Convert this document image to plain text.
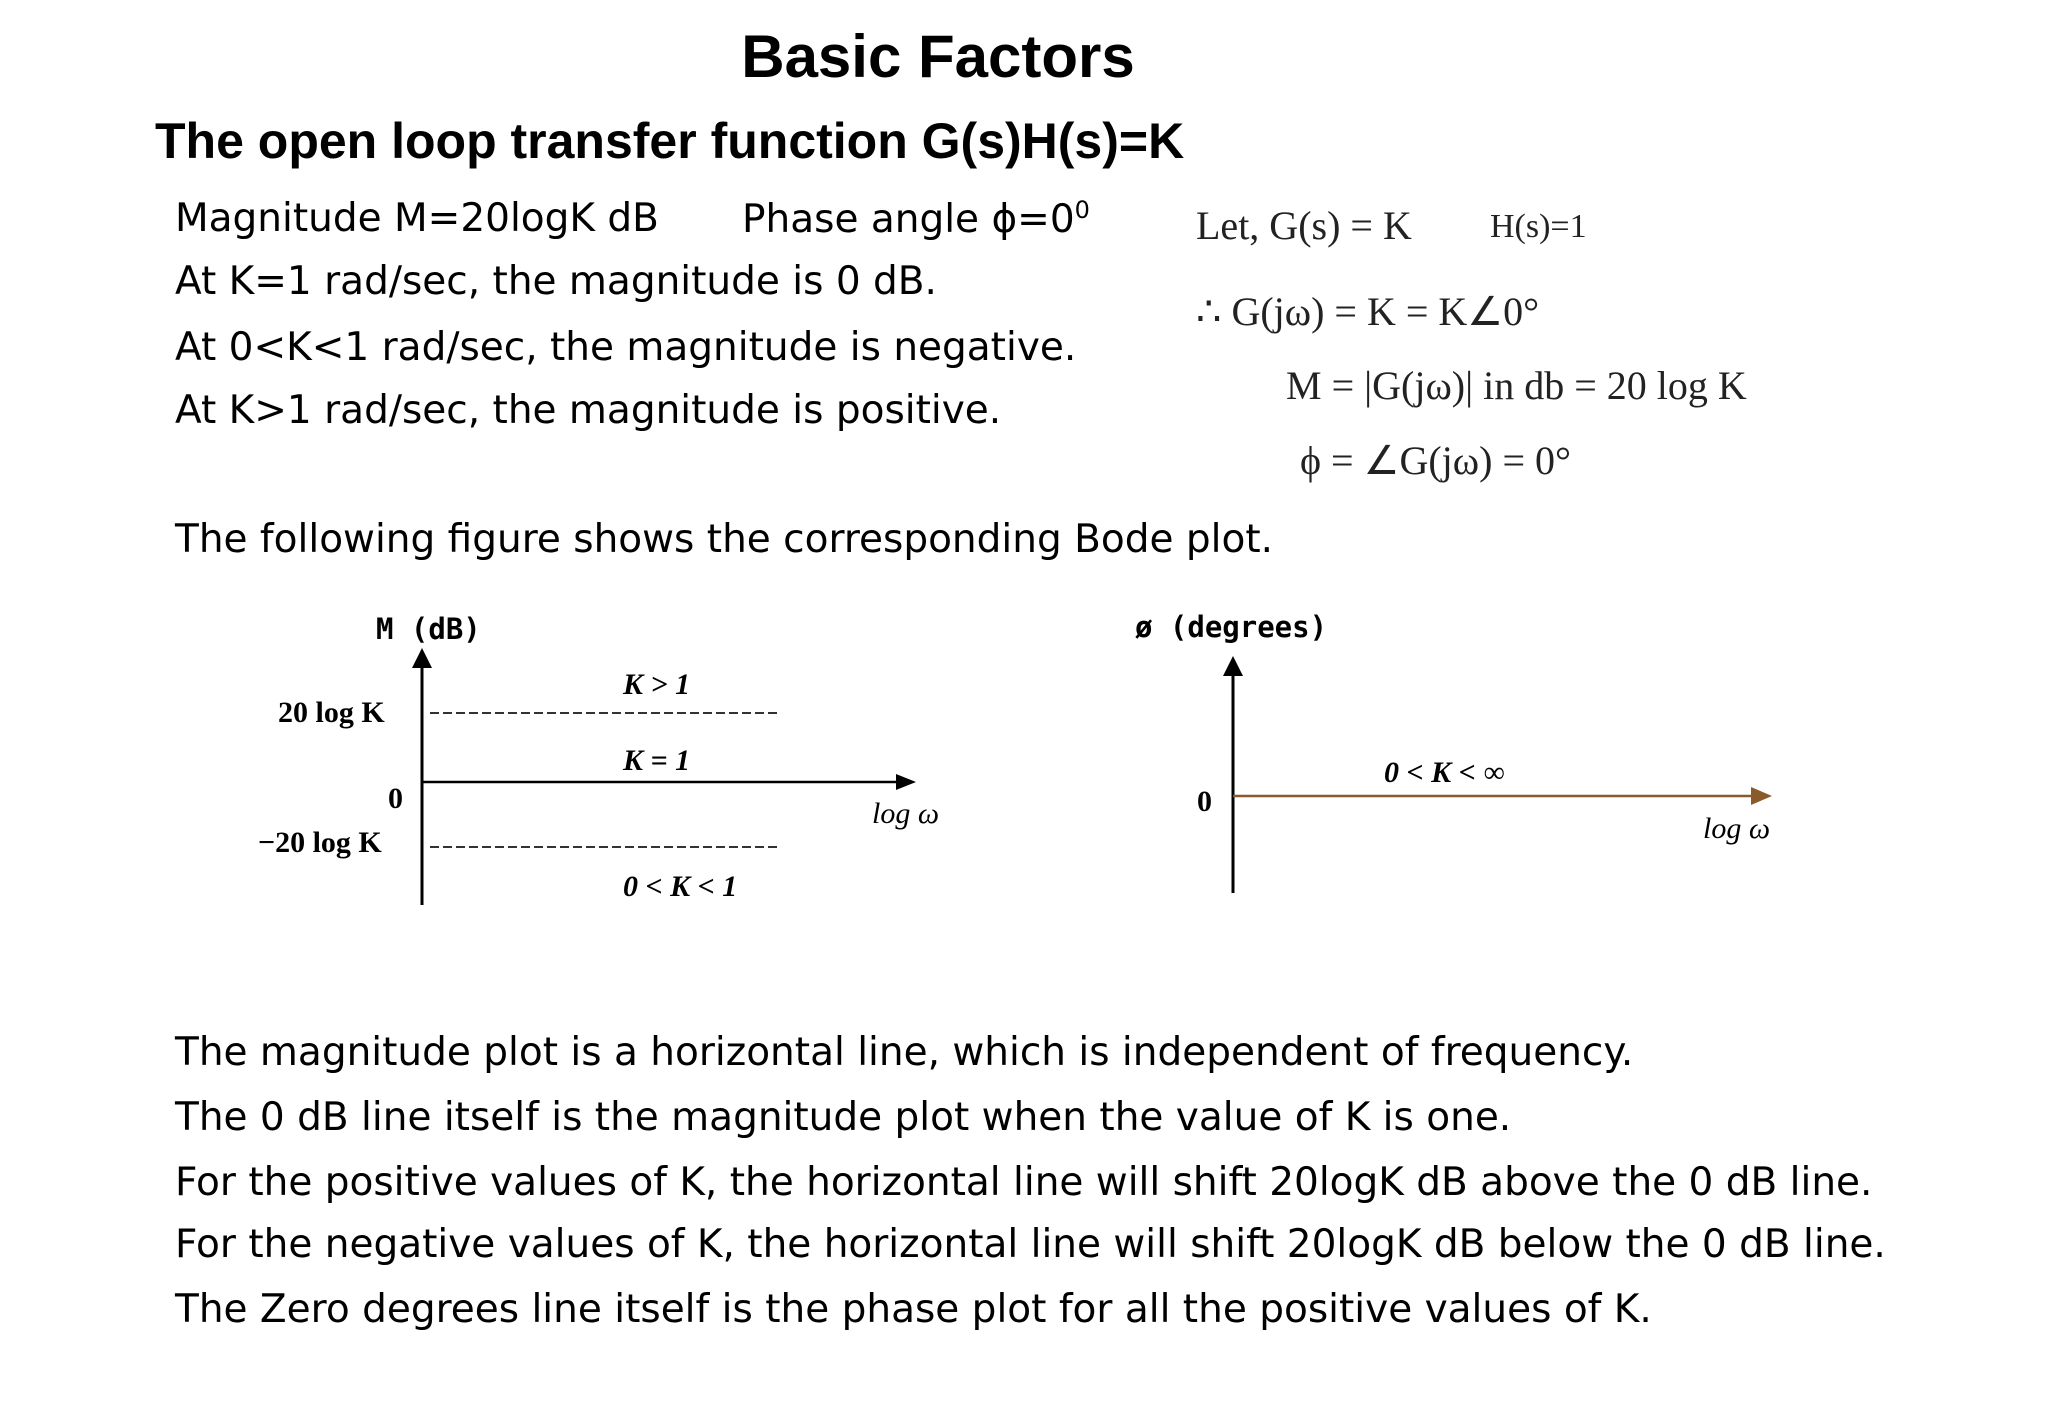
Basic Factors
The open loop transfer function G(s)H(s)=K
Magnitude M=20logK dB Phase angle $\phi=0^0$
At K=1 rad/sec, the magnitude is 0 dB.
At 0<K<1 rad/sec, the magnitude is negative.
At K>1 rad/sec, the magnitude is positive.
Let, G(s) = K H(s)=1
∴ G(jω) = K = K∠0°
M = |G(jω)| in db = 20 log K
ϕ = ∠G(jω) = 0°
The following figure shows the corresponding Bode plot.
M (dB)
20 log K
0
−20 log K
K > 1
K = 1
0 < K < 1
log ω
ø (degrees)
0
0 < K < ∞
log ω
The magnitude plot is a horizontal line, which is independent of frequency.
The 0 dB line itself is the magnitude plot when the value of K is one.
For the positive values of K, the horizontal line will shift 20logK dB above the 0 dB line.
For the negative values of K, the horizontal line will shift 20logK dB below the 0 dB line.
The Zero degrees line itself is the phase plot for all the positive values of K.
